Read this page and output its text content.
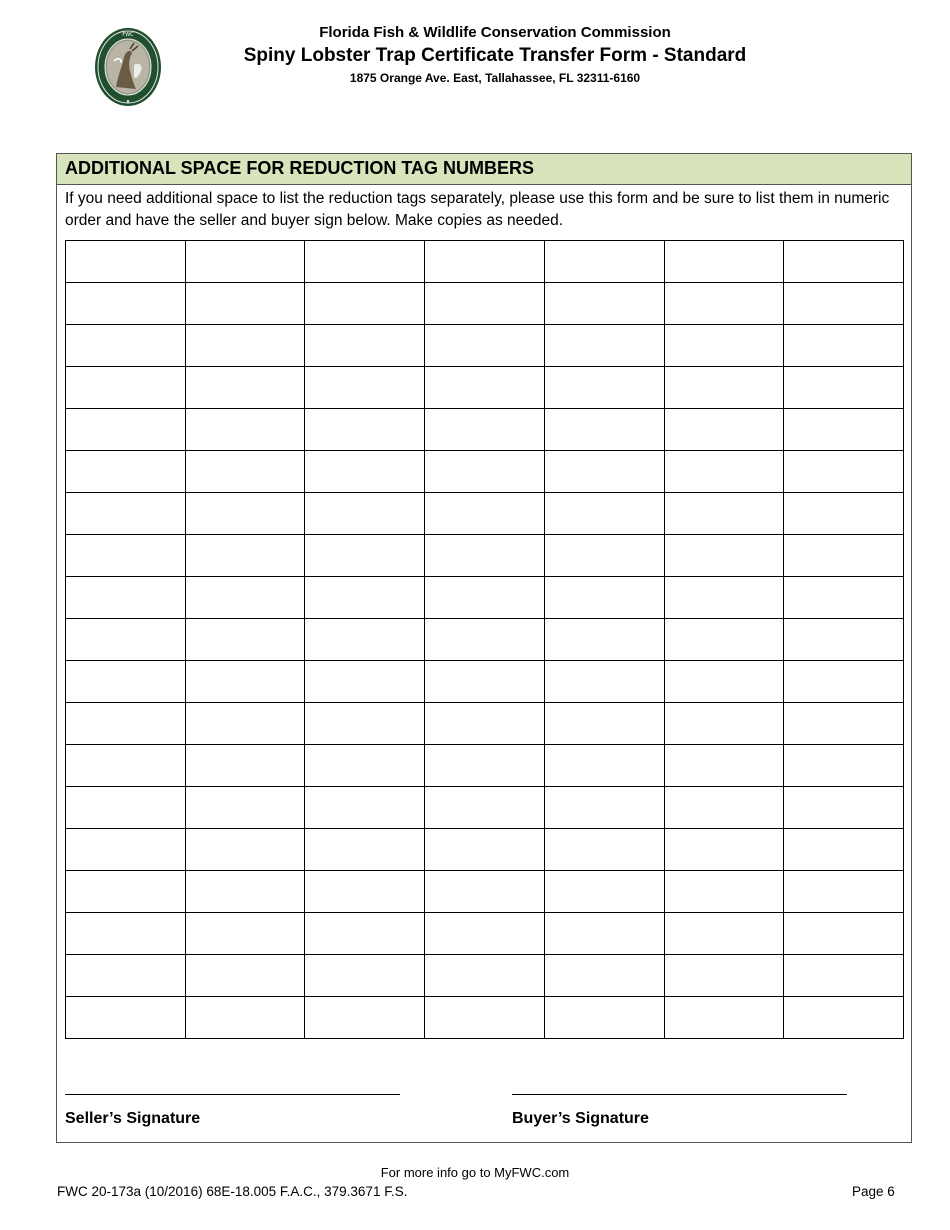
FWC
★
Florida Fish & Wildlife Conservation Commission
Spiny Lobster Trap Certificate Transfer Form - Standard
1875 Orange Ave. East, Tallahassee, FL 32311-6160
ADDITIONAL SPACE FOR REDUCTION TAG NUMBERS
If you need additional space to list the reduction tags separately, please use this form and be sure to list them in numeric order and have the seller and buyer sign below. Make copies as needed.

Seller’s Signature	Buyer’s Signature
For more info go to MyFWC.com
FWC 20-173a (10/2016) 68E-18.005 F.A.C., 379.3671 F.S.	Page 6
